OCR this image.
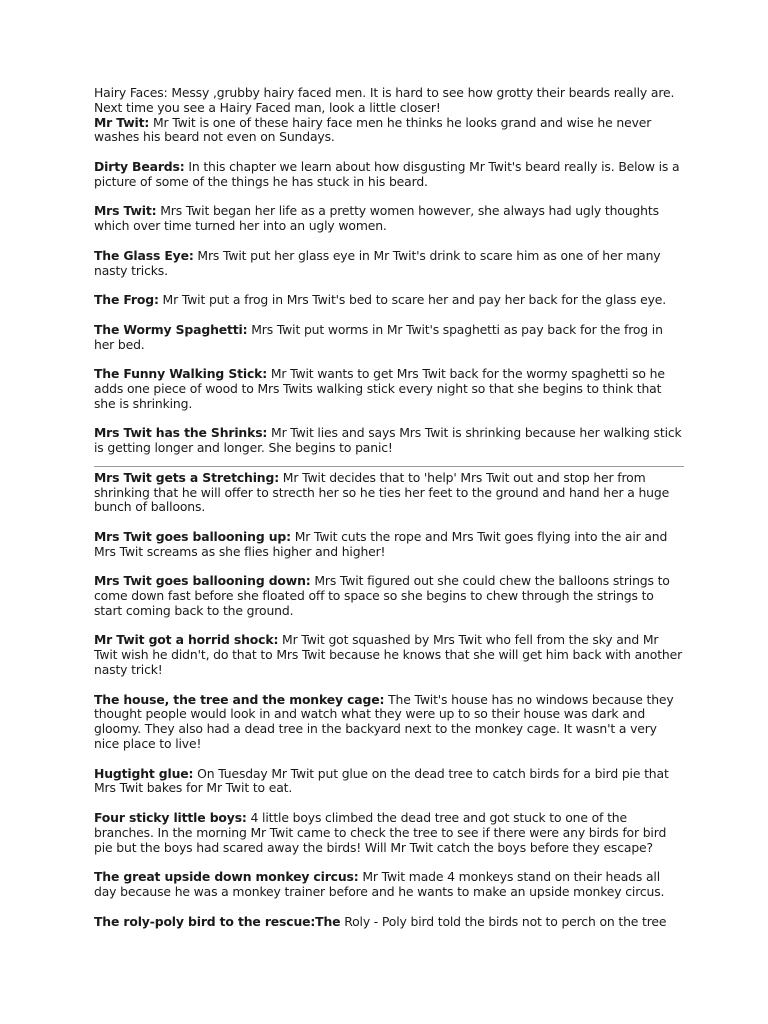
Hairy Faces: Messy ,grubby hairy faced men. It is hard to see how grotty their beards really are. Next time you see a Hairy Faced man, look a little closer!
Mr Twit: Mr Twit is one of these hairy face men he thinks he looks grand and wise he never washes his beard not even on Sundays.
Dirty Beards: In this chapter we learn about how disgusting Mr Twit's beard really is. Below is a picture of some of the things he has stuck in his beard.
Mrs Twit: Mrs Twit began her life as a pretty women however, she always had ugly thoughts which over time turned her into an ugly women.
The Glass Eye: Mrs Twit put her glass eye in Mr Twit's drink to scare him as one of her many nasty tricks.
The Frog: Mr Twit put a frog in Mrs Twit's bed to scare her and pay her back for the glass eye.
The Wormy Spaghetti: Mrs Twit put worms in Mr Twit's spaghetti as pay back for the frog in her bed.
The Funny Walking Stick: Mr Twit wants to get Mrs Twit back for the wormy spaghetti so he adds one piece of wood to Mrs Twits walking stick every night so that she begins to think that she is shrinking.
Mrs Twit has the Shrinks: Mr Twit lies and says Mrs Twit is shrinking because her walking stick is getting longer and longer. She begins to panic!
Mrs Twit gets a Stretching: Mr Twit decides that to 'help' Mrs Twit out and stop her from shrinking that he will offer to strecth her so he ties her feet to the ground and hand her a huge bunch of balloons.
Mrs Twit goes ballooning up: Mr Twit cuts the rope and Mrs Twit goes flying into the air and Mrs Twit screams as she flies higher and higher!
Mrs Twit goes ballooning down: Mrs Twit figured out she could chew the balloons strings to come down fast before she floated off to space so she begins to chew through the strings to start coming back to the ground.
Mr Twit got a horrid shock: Mr Twit got squashed by Mrs Twit who fell from the sky and Mr Twit wish he didn't, do that to Mrs Twit because he knows that she will get him back with another nasty trick!
The house, the tree and the monkey cage: The Twit's house has no windows because they thought people would look in and watch what they were up to so their house was dark and gloomy. They also had a dead tree in the backyard next to the monkey cage. It wasn't a very nice place to live!
Hugtight glue: On Tuesday Mr Twit put glue on the dead tree to catch birds for a bird pie that Mrs Twit bakes for Mr Twit to eat.
Four sticky little boys: 4 little boys climbed the dead tree and got stuck to one of the branches. In the morning Mr Twit came to check the tree to see if there were any birds for bird pie but the boys had scared away the birds! Will Mr Twit catch the boys before they escape?
The great upside down monkey circus: Mr Twit made 4 monkeys stand on their heads all day because he was a monkey trainer before and he wants to make an upside monkey circus.
The roly-poly bird to the rescue:The Roly - Poly bird told the birds not to perch on the tree
